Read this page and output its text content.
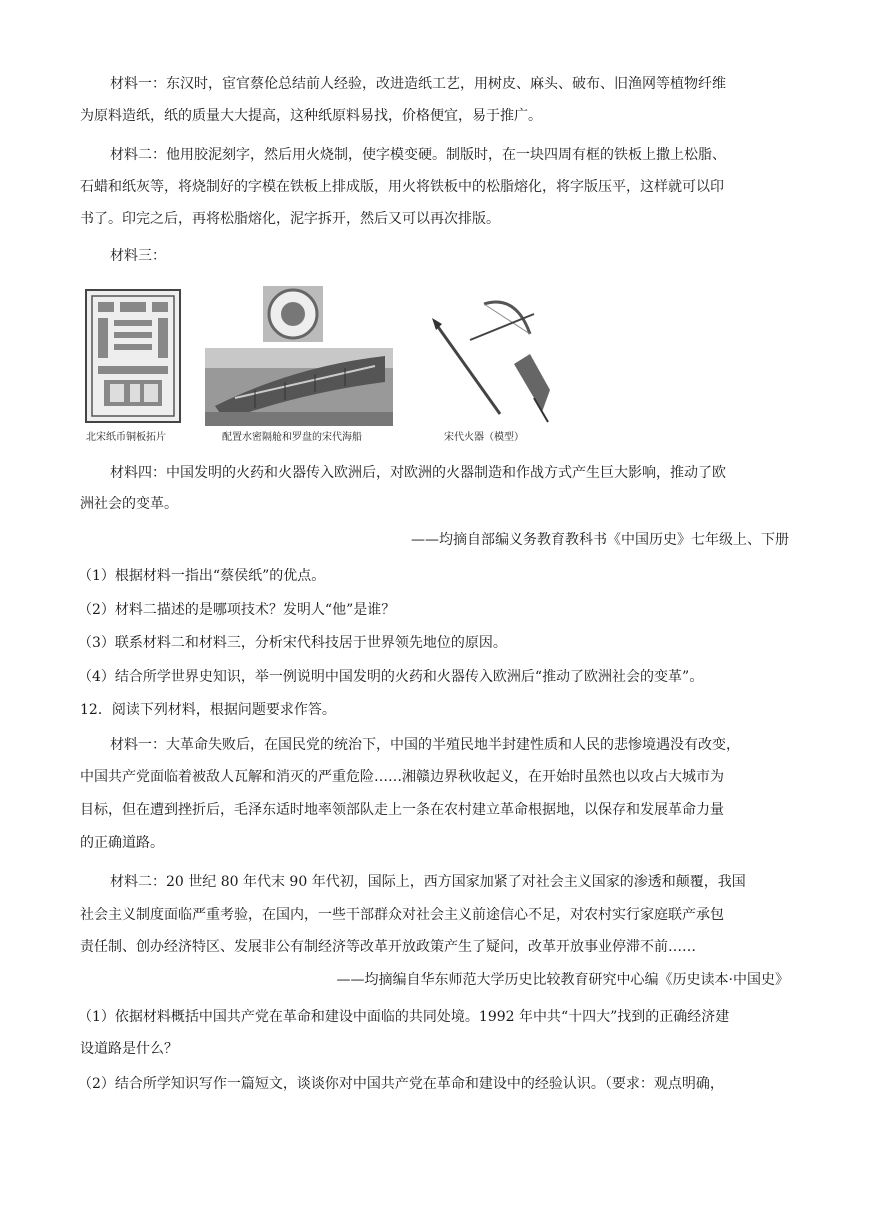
材料一：东汉时，宦官蔡伦总结前人经验，改进造纸工艺，用树皮、麻头、破布、旧渔网等植物纤维
为原料造纸，纸的质量大大提高，这种纸原料易找，价格便宜，易于推广。
材料二：他用胶泥刻字，然后用火烧制，使字模变硬。制版时，在一块四周有框的铁板上撒上松脂、
石蜡和纸灰等，将烧制好的字模在铁板上排成版，用火将铁板中的松脂熔化，将字版压平，这样就可以印
书了。印完之后，再将松脂熔化，泥字拆开，然后又可以再次排版。
材料三：
北宋纸币铜板拓片	配置水密隔舱和罗盘的宋代海船	宋代火器（模型）
材料四：中国发明的火药和火器传入欧洲后，对欧洲的火器制造和作战方式产生巨大影响，推动了欧
洲社会的变革。
——均摘自部编义务教育教科书《中国历史》七年级上、下册
（1）根据材料一指出“蔡侯纸”的优点。
（2）材料二描述的是哪项技术？发明人“他”是谁？
（3）联系材料二和材料三，分析宋代科技居于世界领先地位的原因。
（4）结合所学世界史知识，举一例说明中国发明的火药和火器传入欧洲后“推动了欧洲社会的变革”。
12．阅读下列材料，根据问题要求作答。
材料一：大革命失败后，在国民党的统治下，中国的半殖民地半封建性质和人民的悲惨境遇没有改变，
中国共产党面临着被敌人瓦解和消灭的严重危险……湘赣边界秋收起义，在开始时虽然也以攻占大城市为
目标，但在遭到挫折后，毛泽东适时地率领部队走上一条在农村建立革命根据地，以保存和发展革命力量
的正确道路。
材料二：20 世纪 80 年代末 90 年代初，国际上，西方国家加紧了对社会主义国家的渗透和颠覆，我国
社会主义制度面临严重考验，在国内，一些干部群众对社会主义前途信心不足，对农村实行家庭联产承包
责任制、创办经济特区、发展非公有制经济等改革开放政策产生了疑问，改革开放事业停滞不前……
——均摘编自华东师范大学历史比较教育研究中心编《历史读本·中国史》
（1）依据材料概括中国共产党在革命和建设中面临的共同处境。1992 年中共“十四大”找到的正确经济建
设道路是什么？
（2）结合所学知识写作一篇短文，谈谈你对中国共产党在革命和建设中的经验认识。（要求：观点明确，
